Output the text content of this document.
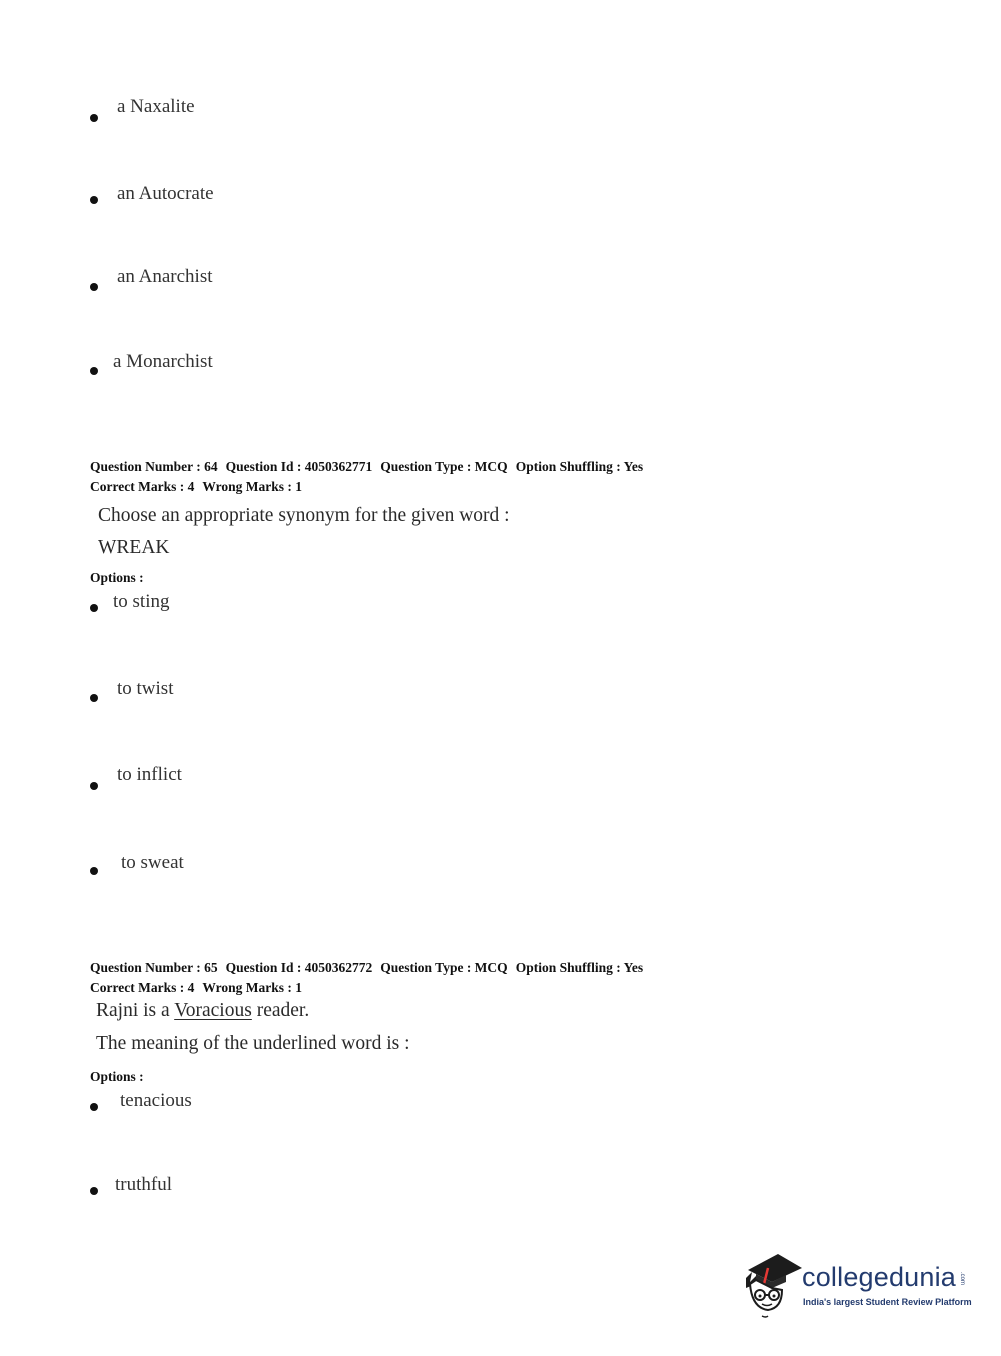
a Naxalite
an Autocrate
an Anarchist
a Monarchist
Question Number : 64 Question Id : 4050362771 Question Type : MCQ Option Shuffling : Yes
Correct Marks : 4 Wrong Marks : 1
Choose an appropriate synonym for the given word :
WREAK
Options :
to sting
to twist
to inflict
to sweat
Question Number : 65 Question Id : 4050362772 Question Type : MCQ Option Shuffling : Yes
Correct Marks : 4 Wrong Marks : 1
Rajni is a Voracious reader.
The meaning of the underlined word is :
Options :
tenacious
truthful
collegedunia .com
India's largest Student Review Platform
